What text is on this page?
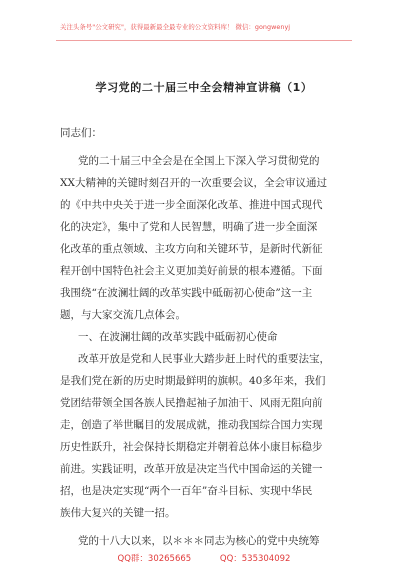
关注头条号"公文研究"，获得最新最全最专业的公文资料库！ 微信：gongwenyj
学习党的二十届三中全会精神宣讲稿（1）
同志们：
党的二十届三中全会是在全国上下深入学习贯彻党的
XX大精神的关键时刻召开的一次重要会议，全会审议通过
的《中共中央关于进一步全面深化改革、推进中国式现代
化的决定》，集中了党和人民智慧，明确了进一步全面深
化改革的重点领域、主攻方向和关键环节，是新时代新征
程开创中国特色社会主义更加美好前景的根本遵循。下面
我围绕“在波澜壮阔的改革实践中砥砺初心使命”这一主
题，与大家交流几点体会。
一、在波澜壮阔的改革实践中砥砺初心使命
改革开放是党和人民事业大踏步赶上时代的重要法宝，
是我们党在新的历史时期最鲜明的旗帜。40多年来，我们
党团结带领全国各族人民撸起袖子加油干、风雨无阻向前
走，创造了举世瞩目的发展成就，推动我国综合国力实现
历史性跃升，社会保持长期稳定并朝着总体小康目标稳步
前进。实践证明，改革开放是决定当代中国命运的关键一
招，也是决定实现“两个一百年”奋斗目标、实现中华民
族伟大复兴的关键一招。
党的十八大以来，以＊＊＊同志为核心的党中央统筹
QQ群：30265665	QQ：535304092
